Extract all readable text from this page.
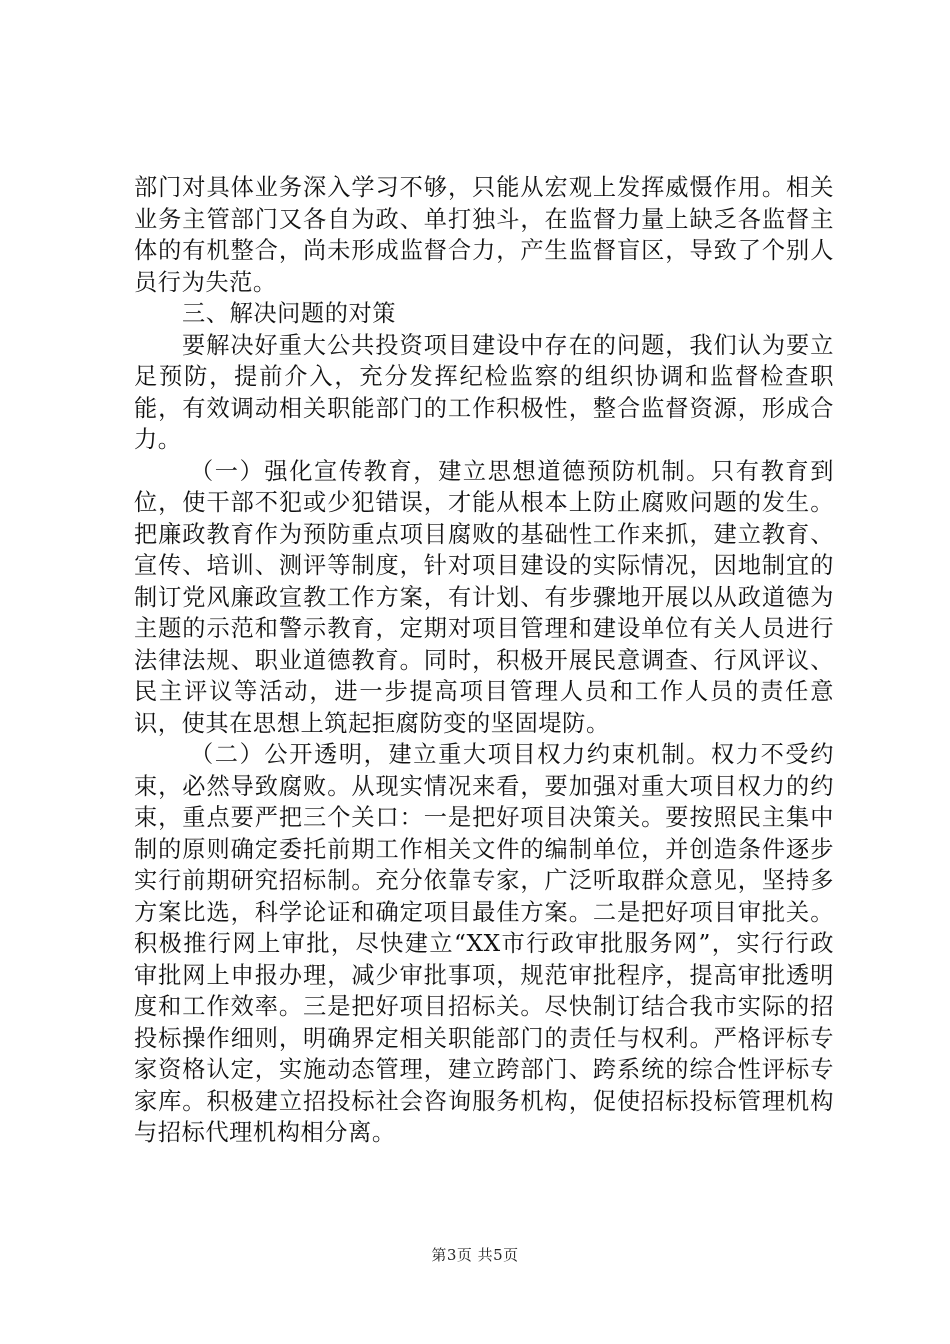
部门对具体业务深入学习不够，只能从宏观上发挥威慑作用。相关业务主管部门又各自为政、单打独斗，在监督力量上缺乏各监督主体的有机整合，尚未形成监督合力，产生监督盲区，导致了个别人员行为失范。

三、解决问题的对策

要解决好重大公共投资项目建设中存在的问题，我们认为要立足预防，提前介入，充分发挥纪检监察的组织协调和监督检查职能，有效调动相关职能部门的工作积极性，整合监督资源，形成合力。

（一）强化宣传教育，建立思想道德预防机制。只有教育到位，使干部不犯或少犯错误，才能从根本上防止腐败问题的发生。把廉政教育作为预防重点项目腐败的基础性工作来抓，建立教育、宣传、培训、测评等制度，针对项目建设的实际情况，因地制宜的制订党风廉政宣教工作方案，有计划、有步骤地开展以从政道德为主题的示范和警示教育，定期对项目管理和建设单位有关人员进行法律法规、职业道德教育。同时，积极开展民意调查、行风评议、民主评议等活动，进一步提高项目管理人员和工作人员的责任意识，使其在思想上筑起拒腐防变的坚固堤防。

（二）公开透明，建立重大项目权力约束机制。权力不受约束，必然导致腐败。从现实情况来看，要加强对重大项目权力的约束，重点要严把三个关口：一是把好项目决策关。要按照民主集中制的原则确定委托前期工作相关文件的编制单位，并创造条件逐步实行前期研究招标制。充分依靠专家，广泛听取群众意见，坚持多方案比选，科学论证和确定项目最佳方案。二是把好项目审批关。积极推行网上审批，尽快建立“XX市行政审批服务网”，实行行政审批网上申报办理，减少审批事项，规范审批程序，提高审批透明度和工作效率。三是把好项目招标关。尽快制订结合我市实际的招投标操作细则，明确界定相关职能部门的责任与权利。严格评标专家资格认定，实施动态管理，建立跨部门、跨系统的综合性评标专家库。积极建立招投标社会咨询服务机构，促使招标投标管理机构与招标代理机构相分离。

第3页 共5页
